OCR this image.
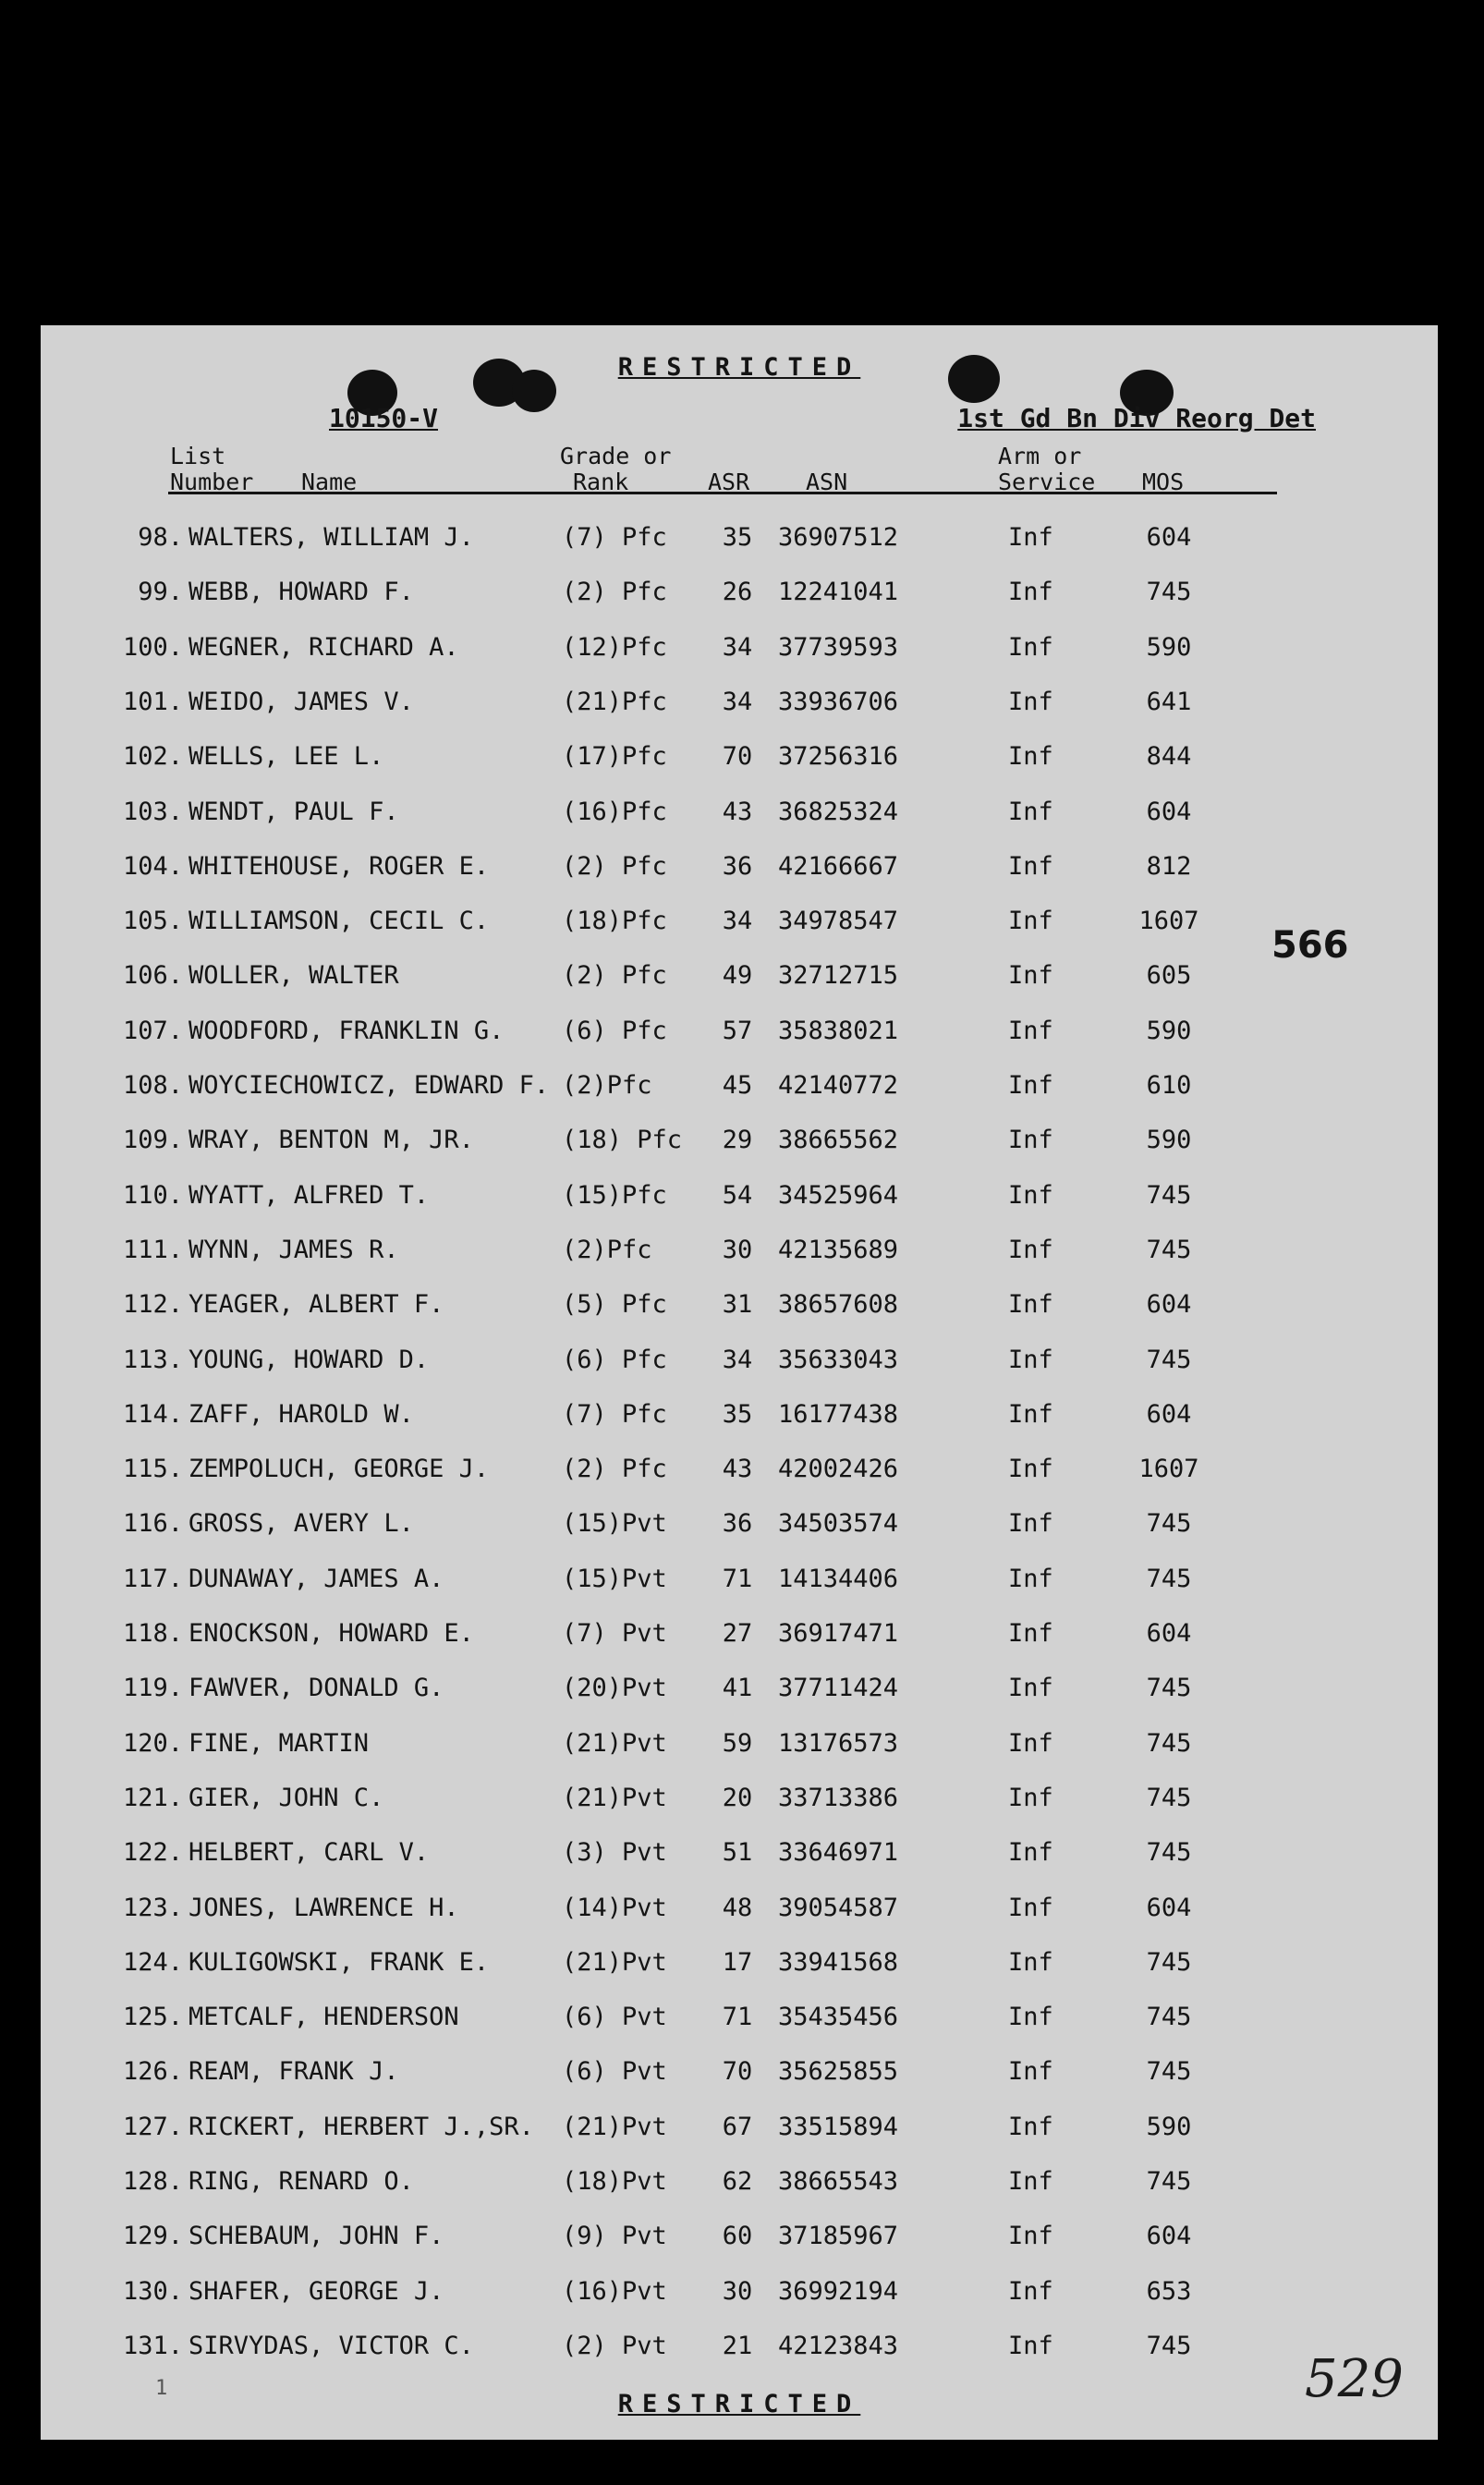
RESTRICTED
10150-V	1st Gd Bn Div Reorg Det
List
Number Name
Grade or
Rank	ASR ASN
Arm or
Service MOS
98. WALTERS, WILLIAM J.	(7) Pfc	35	36907512	Inf	604
99. WEBB, HOWARD F.	(2) Pfc	26	12241041	Inf	745
100. WEGNER, RICHARD A.	(12)Pfc	34	37739593	Inf	590
101. WEIDO, JAMES V.	(21)Pfc	34	33936706	Inf	641
102. WELLS, LEE L.	(17)Pfc	70	37256316	Inf	844
103. WENDT, PAUL F.	(16)Pfc	43	36825324	Inf	604
104. WHITEHOUSE, ROGER E.	(2) Pfc	36	42166667	Inf	812
105. WILLIAMSON, CECIL C.	(18)Pfc	34	34978547	Inf	1607
106. WOLLER, WALTER	(2) Pfc	49	32712715	Inf	605
107. WOODFORD, FRANKLIN G. (6) Pfc	57	35838021	Inf	590
108. WOYCIECHOWICZ, EDWARD F. (2)Pfc	45	42140772	Inf	610
109. WRAY, BENTON M, JR.	(18) Pfc	29	38665562	Inf	590
110. WYATT, ALFRED T.	(15)Pfc	54	34525964	Inf	745
111. WYNN, JAMES R.	(2)Pfc	30	42135689	Inf	745
112. YEAGER, ALBERT F.	(5) Pfc	31	38657608	Inf	604
113. YOUNG, HOWARD D.	(6) Pfc	34	35633043	Inf	745
114. ZAFF, HAROLD W.	(7) Pfc	35	16177438	Inf	604
115. ZEMPOLUCH, GEORGE J.	(2) Pfc	43	42002426	Inf	1607
116. GROSS, AVERY L.	(15)Pvt	36	34503574	Inf	745
117. DUNAWAY, JAMES A.	(15)Pvt	71	14134406	Inf	745
118. ENOCKSON, HOWARD E.	(7) Pvt	27	36917471	Inf	604
119. FAWVER, DONALD G.	(20)Pvt	41	37711424	Inf	745
120. FINE, MARTIN	(21)Pvt	59	13176573	Inf	745
121. GIER, JOHN C.	(21)Pvt	20	33713386	Inf	745
122. HELBERT, CARL V.	(3) Pvt	51	33646971	Inf	745
123. JONES, LAWRENCE H.	(14)Pvt	48	39054587	Inf	604
124. KULIGOWSKI, FRANK E.	(21)Pvt	17	33941568	Inf	745
125. METCALF, HENDERSON	(6) Pvt	71	35435456	Inf	745
126. REAM, FRANK J.	(6) Pvt	70	35625855	Inf	745
127. RICKERT, HERBERT J.,SR. (21)Pvt	67	33515894	Inf	590
128. RING, RENARD O.	(18)Pvt	62	38665543	Inf	745
129. SCHEBAUM, JOHN F.	(9) Pvt	60	37185967	Inf	604
130. SHAFER, GEORGE J.	(16)Pvt	30	36992194	Inf	653
131. SIRVYDAS, VICTOR C.	(2) Pvt	21	42123843	Inf	745
566
1
RESTRICTED	529
